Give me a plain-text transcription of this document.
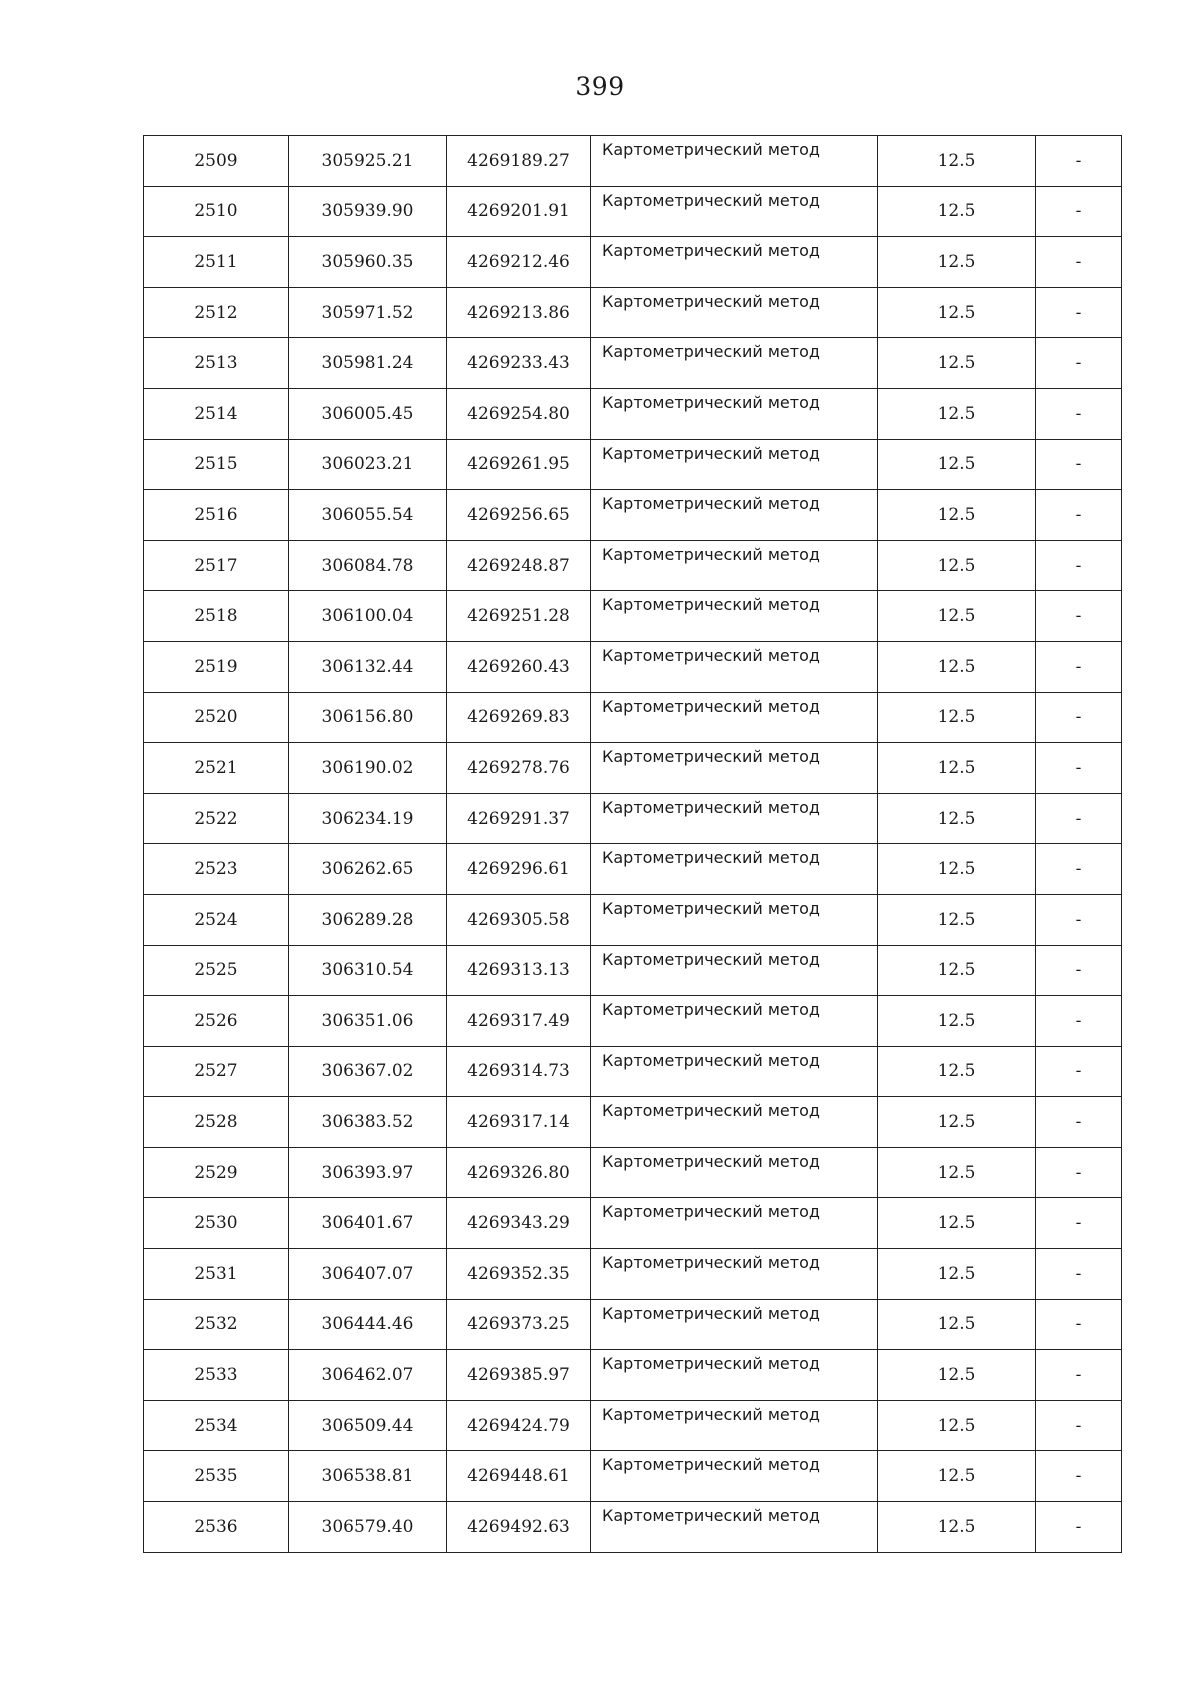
399
2509	305925.21	4269189.27	Картометрический метод	12.5	-
2510	305939.90	4269201.91	Картометрический метод	12.5	-
2511	305960.35	4269212.46	Картометрический метод	12.5	-
2512	305971.52	4269213.86	Картометрический метод	12.5	-
2513	305981.24	4269233.43	Картометрический метод	12.5	-
2514	306005.45	4269254.80	Картометрический метод	12.5	-
2515	306023.21	4269261.95	Картометрический метод	12.5	-
2516	306055.54	4269256.65	Картометрический метод	12.5	-
2517	306084.78	4269248.87	Картометрический метод	12.5	-
2518	306100.04	4269251.28	Картометрический метод	12.5	-
2519	306132.44	4269260.43	Картометрический метод	12.5	-
2520	306156.80	4269269.83	Картометрический метод	12.5	-
2521	306190.02	4269278.76	Картометрический метод	12.5	-
2522	306234.19	4269291.37	Картометрический метод	12.5	-
2523	306262.65	4269296.61	Картометрический метод	12.5	-
2524	306289.28	4269305.58	Картометрический метод	12.5	-
2525	306310.54	4269313.13	Картометрический метод	12.5	-
2526	306351.06	4269317.49	Картометрический метод	12.5	-
2527	306367.02	4269314.73	Картометрический метод	12.5	-
2528	306383.52	4269317.14	Картометрический метод	12.5	-
2529	306393.97	4269326.80	Картометрический метод	12.5	-
2530	306401.67	4269343.29	Картометрический метод	12.5	-
2531	306407.07	4269352.35	Картометрический метод	12.5	-
2532	306444.46	4269373.25	Картометрический метод	12.5	-
2533	306462.07	4269385.97	Картометрический метод	12.5	-
2534	306509.44	4269424.79	Картометрический метод	12.5	-
2535	306538.81	4269448.61	Картометрический метод	12.5	-
2536	306579.40	4269492.63	Картометрический метод	12.5	-
